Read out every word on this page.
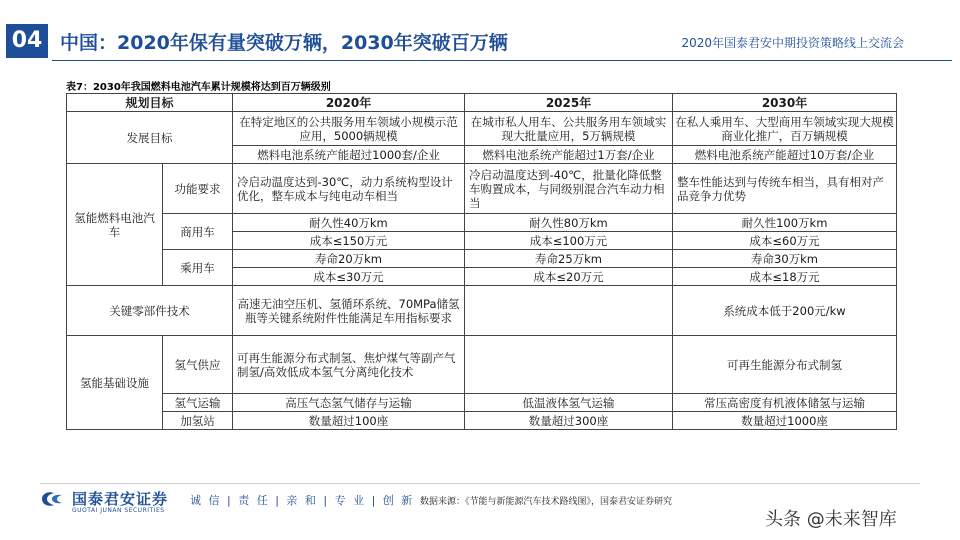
04 中国：2020年保有量突破万辆，2030年突破百万辆	2020年国泰君安中期投资策略线上交流会
表7：2030年我国燃料电池汽车累计规模将达到百万辆级别
规划目标		2020年	2025年	2030年
发展目标		在特定地区的公共服务用车领域小规模示范应用，5000辆规模	在城市私人用车、公共服务用车领域实现大批量应用，5万辆规模	在私人乘用车、大型商用车领域实现大规模商业化推广，百万辆规模
		燃料电池系统产能超过1000套/企业	燃料电池系统产能超过1万套/企业	燃料电池系统产能超过10万套/企业
氢能燃料电池汽车	功能要求	冷启动温度达到-30℃，动力系统构型设计优化，整车成本与纯电动车相当	冷启动温度达到-40℃，批量化降低整车购置成本，与同级别混合汽车动力相当	整车性能达到与传统车相当，具有相对产品竞争力优势
	商用车	耐久性40万km	耐久性80万km	耐久性100万km
		成本≤150万元	成本≤100万元	成本≤60万元
	乘用车	寿命20万km	寿命25万km	寿命30万km
		成本≤30万元	成本≤20万元	成本≤18万元
关键零部件技术		高速无油空压机、氢循环系统、70MPa储氢瓶等关键系统附件性能满足车用指标要求		系统成本低于200元/kw
氢能基础设施	氢气供应	可再生能源分布式制氢、焦炉煤气等副产气制氢/高效低成本氢气分离纯化技术		可再生能源分布式制氢
	氢气运输	高压气态氢气储存与运输	低温液体氢气运输	常压高密度有机液体储氢与运输
	加氢站	数量超过100座	数量超过300座	数量超过1000座
国泰君安证券
GUOTAI JUNAN SECURITIES
诚 信 | 责 任 | 亲 和 | 专 业 | 创 新 数据来源：《节能与新能源汽车技术路线图》，国泰君安证券研究
头条 @未来智库
